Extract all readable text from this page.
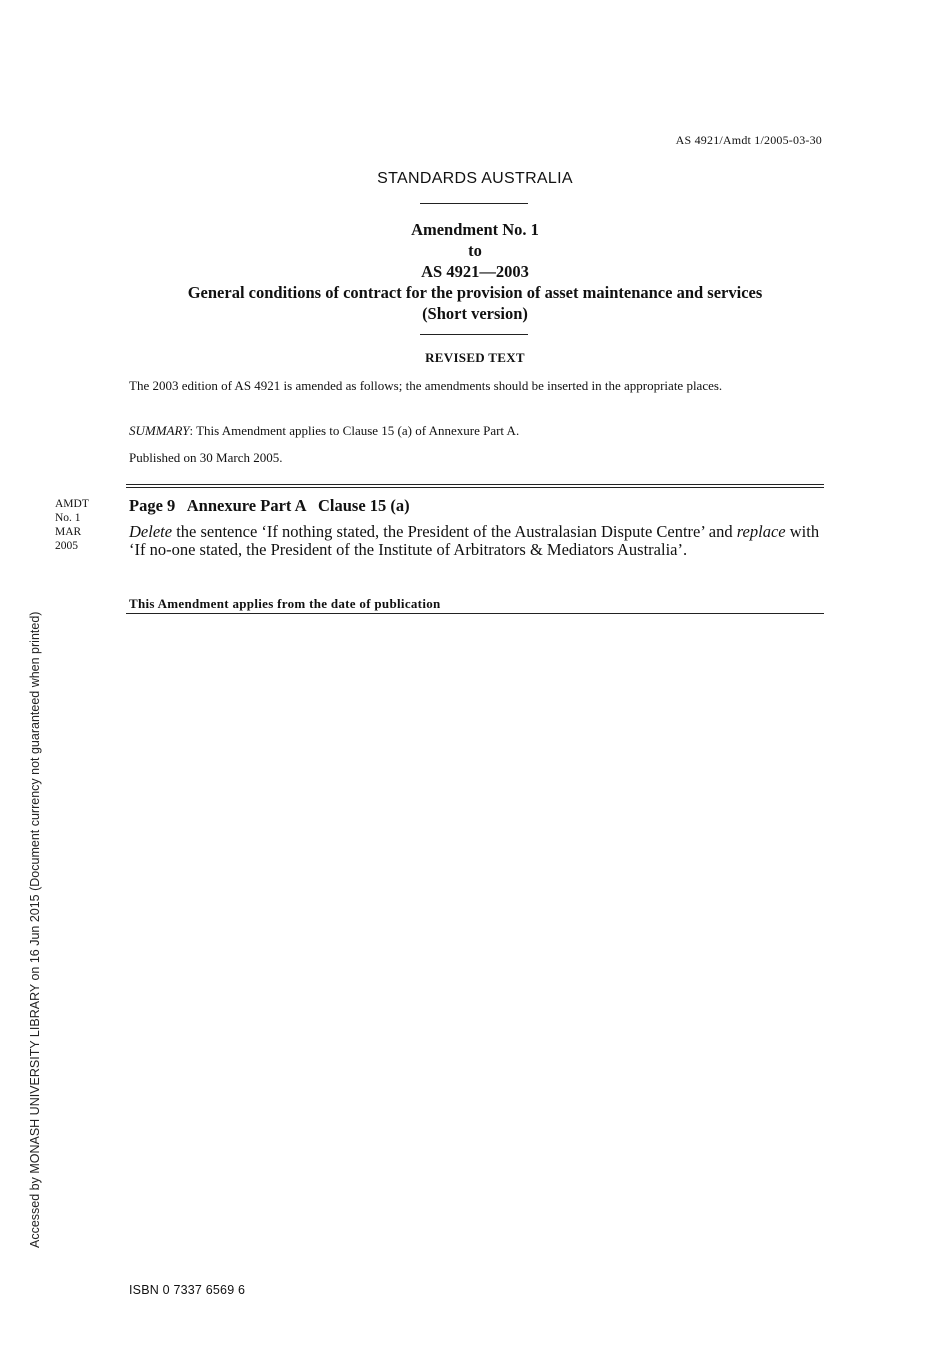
AS 4921/Amdt 1/2005-03-30
STANDARDS AUSTRALIA
Amendment No. 1
to
AS 4921—2003
General conditions of contract for the provision of asset maintenance and services
(Short version)
REVISED TEXT
The 2003 edition of AS 4921 is amended as follows; the amendments should be inserted in the appropriate places.
SUMMARY: This Amendment applies to Clause 15 (a) of Annexure Part A.
Published on 30 March 2005.
AMDT
No. 1
MAR
2005
Page 9   Annexure Part A   Clause 15 (a)
Delete the sentence ‘If nothing stated, the President of the Australasian Dispute Centre’ and replace with ‘If no-one stated, the President of the Institute of Arbitrators & Mediators Australia’.
This Amendment applies from the date of publication
Accessed by MONASH UNIVERSITY LIBRARY on 16 Jun 2015 (Document currency not guaranteed when printed)
ISBN 0 7337 6569 6
